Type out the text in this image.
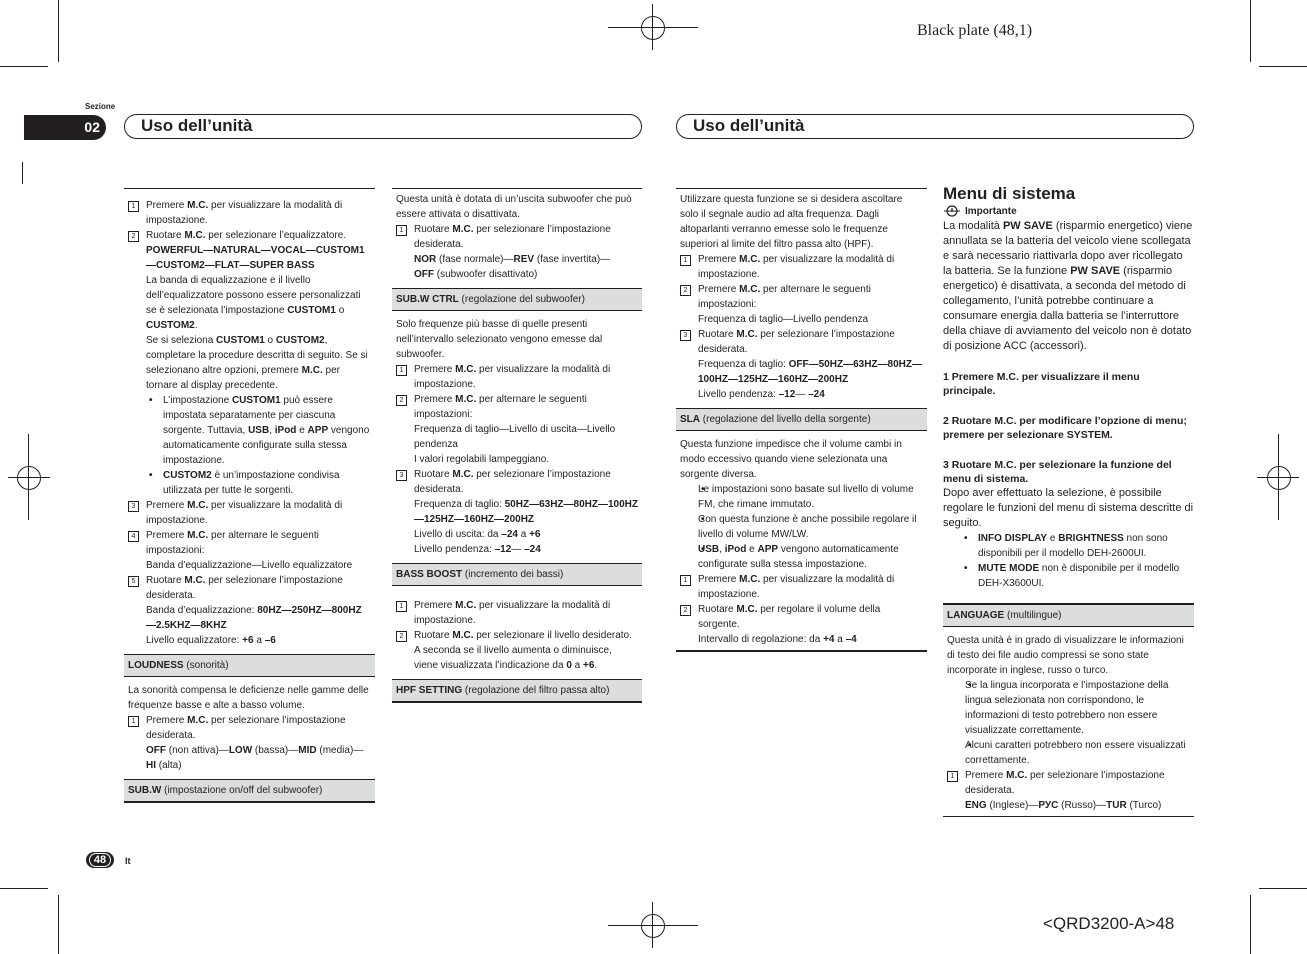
Black plate (48,1)
<QRD3200-A>48
Sezione
02	Uso dell’unità	Uso dell’unità
48	It

1	Premere M.C. per visualizzare la modalità di impostazione.

2	Ruotare M.C. per selezionare l’equalizzatore.

POWERFUL—NATURAL—VOCAL—CUSTOM1—CUSTOM2—FLAT—SUPER BASS

La banda di equalizzazione e il livello dell’equalizzatore possono essere personalizzati se è selezionata l’impostazione CUSTOM1 o CUSTOM2.

Se si seleziona CUSTOM1 o CUSTOM2, completare la procedure descritta di seguito. Se si selezionano altre opzioni, premere M.C. per tornare al display precedente.

• L’impostazione CUSTOM1 può essere impostata separatamente per ciascuna sorgente. Tuttavia, USB, iPod e APP vengono automaticamente configurate sulla stessa impostazione.

• CUSTOM2 è un’impostazione condivisa utilizzata per tutte le sorgenti.

3	Premere M.C. per visualizzare la modalità di impostazione.

4	Premere M.C. per alternare le seguenti impostazioni:
Banda d’equalizzazione—Livello equalizzatore

5	Ruotare M.C. per selezionare l’impostazione desiderata.
Banda d’equalizzazione: 80HZ—250HZ—800HZ—2.5KHZ—8KHZ
Livello equalizzatore: +6 a –6

LOUDNESS (sonorità)

La sonorità compensa le deficienze nelle gamme delle frequenze basse e alte a basso volume.

1	Premere M.C. per selezionare l’impostazione desiderata.
OFF (non attiva)—LOW (bassa)—MID (media)—HI (alta)

SUB.W (impostazione on/off del subwoofer)

Questa unità è dotata di un’uscita subwoofer che può essere attivata o disattivata.

1	Ruotare M.C. per selezionare l’impostazione desiderata.
NOR (fase normale)—REV (fase invertita)—
OFF (subwoofer disattivato)

SUB.W CTRL (regolazione del subwoofer)

Solo frequenze più basse di quelle presenti nell’intervallo selezionato vengono emesse dal subwoofer.

1	Premere M.C. per visualizzare la modalità di impostazione.

2	Premere M.C. per alternare le seguenti impostazioni:
Frequenza di taglio—Livello di uscita—Livello pendenza
I valori regolabili lampeggiano.

3	Ruotare M.C. per selezionare l’impostazione desiderata.
Frequenza di taglio: 50HZ—63HZ—80HZ—100HZ—125HZ—160HZ—200HZ
Livello di uscita: da –24 a +6
Livello pendenza: –12— –24

BASS BOOST (incremento dei bassi)

1	Premere M.C. per visualizzare la modalità di impostazione.

2	Ruotare M.C. per selezionare il livello desiderato.
A seconda se il livello aumenta o diminuisce, viene visualizzata l’indicazione da 0 a +6.

HPF SETTING (regolazione del filtro passa alto)

Utilizzare questa funzione se si desidera ascoltare solo il segnale audio ad alta frequenza. Dagli altoparlanti verranno emesse solo le frequenze superiori al limite del filtro passa alto (HPF).

1	Premere M.C. per visualizzare la modalità di impostazione.

2	Premere M.C. per alternare le seguenti impostazioni:
Frequenza di taglio—Livello pendenza

3	Ruotare M.C. per selezionare l’impostazione desiderata.
Frequenza di taglio: OFF—50HZ—63HZ—80HZ—100HZ—125HZ—160HZ—200HZ
Livello pendenza: –12— –24

SLA (regolazione del livello della sorgente)

Questa funzione impedisce che il volume cambi in modo eccessivo quando viene selezionata una sorgente diversa.

• Le impostazioni sono basate sul livello di volume FM, che rimane immutato.

• Con questa funzione è anche possibile regolare il livello di volume MW/LW.

• USB, iPod e APP vengono automaticamente configurate sulla stessa impostazione.

1	Premere M.C. per visualizzare la modalità di impostazione.

2	Ruotare M.C. per regolare il volume della sorgente.
Intervallo di regolazione: da +4 a –4

Menu di sistema

Importante

La modalità PW SAVE (risparmio energetico) viene annullata se la batteria del veicolo viene scollegata e sarà necessario riattivarla dopo aver ricollegato la batteria. Se la funzione PW SAVE (risparmio energetico) è disattivata, a seconda del metodo di collegamento, l’unità potrebbe continuare a consumare energia dalla batteria se l’interruttore della chiave di avviamento del veicolo non è dotato di posizione ACC (accessori).

1 Premere M.C. per visualizzare il menu principale.

2 Ruotare M.C. per modificare l’opzione di menu; premere per selezionare SYSTEM.

3 Ruotare M.C. per selezionare la funzione del menu di sistema.

Dopo aver effettuato la selezione, è possibile regolare le funzioni del menu di sistema descritte di seguito.

• INFO DISPLAY e BRIGHTNESS non sono disponibili per il modello DEH-2600UI.

• MUTE MODE non è disponibile per il modello DEH-X3600UI.

LANGUAGE (multilingue)

Questa unità è in grado di visualizzare le informazioni di testo dei file audio compressi se sono state incorporate in inglese, russo o turco.

• Se la lingua incorporata e l’impostazione della lingua selezionata non corrispondono, le informazioni di testo potrebbero non essere visualizzate correttamente.

• Alcuni caratteri potrebbero non essere visualizzati correttamente.

1	Premere M.C. per selezionare l’impostazione desiderata.
ENG (Inglese)—РУС (Russo)—TUR (Turco)
